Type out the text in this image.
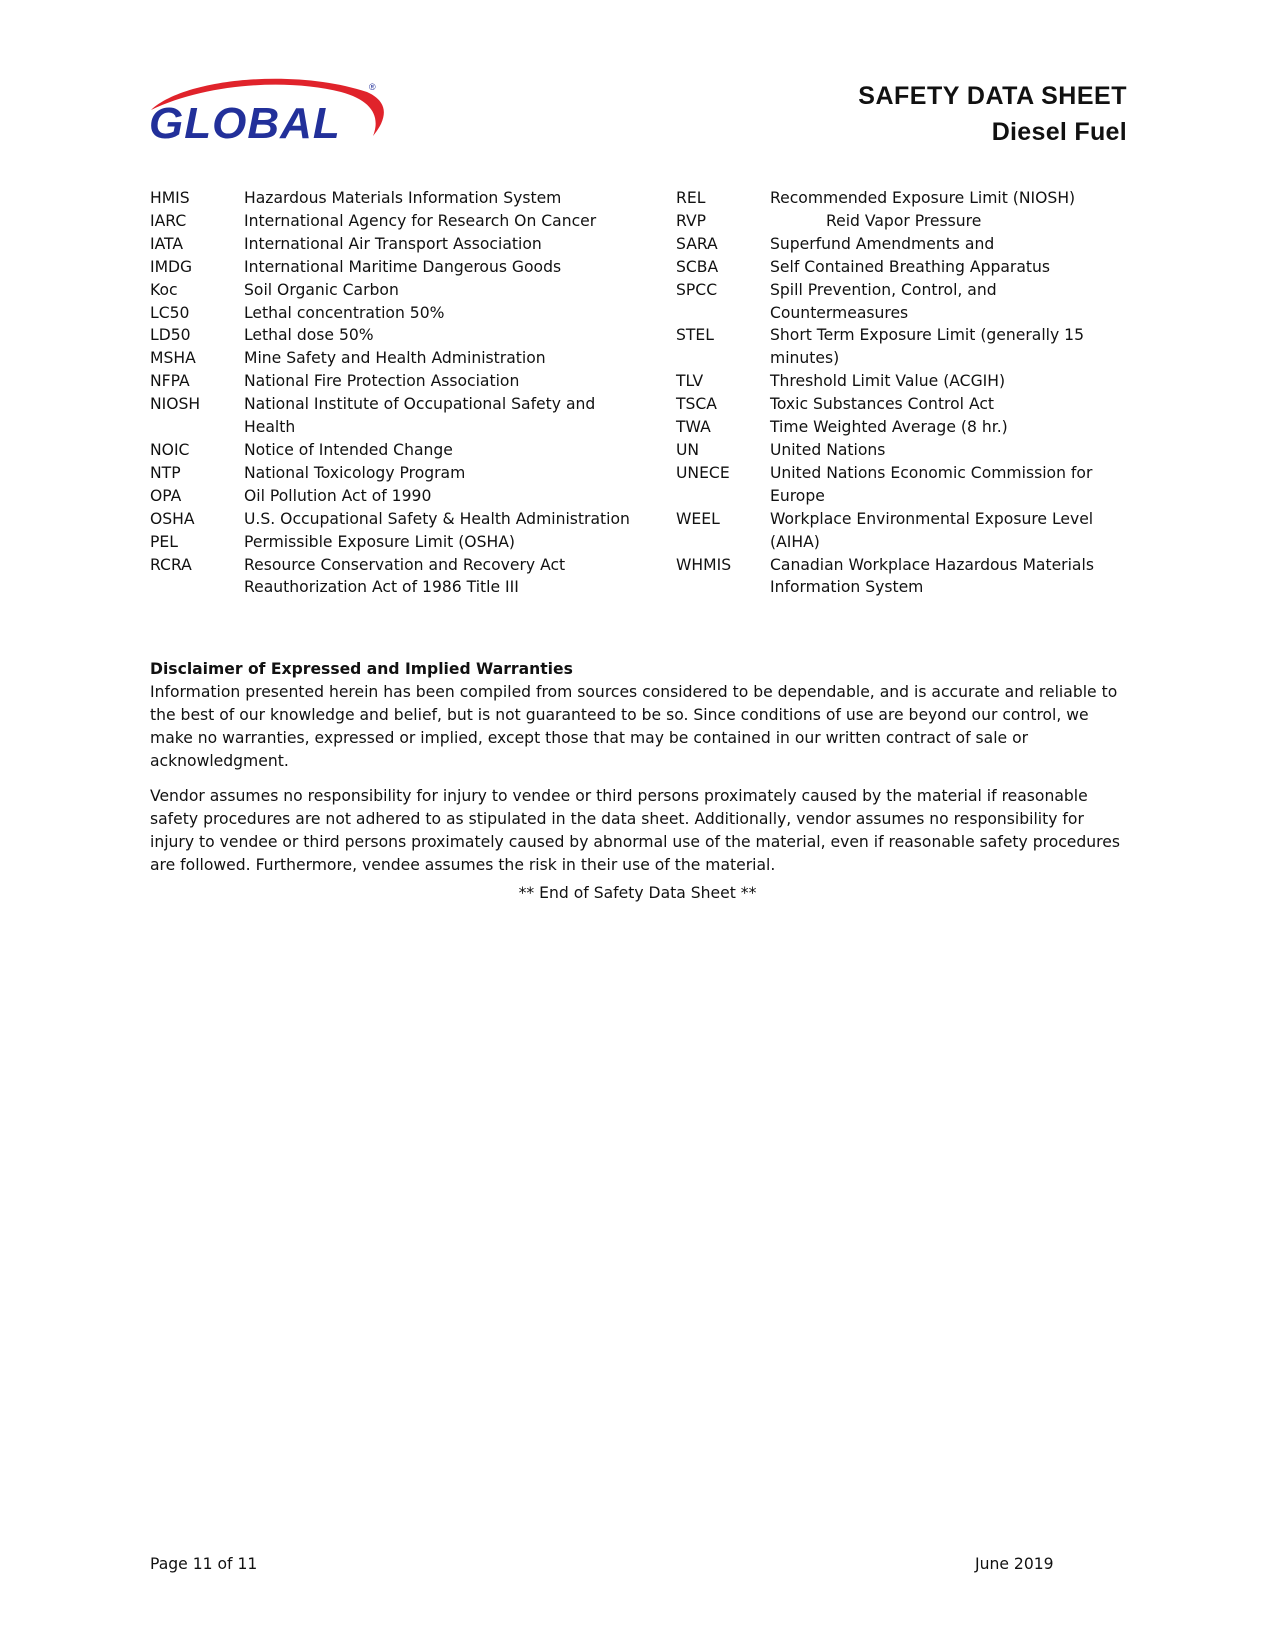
GLOBAL
®	SAFETY DATA SHEET
Diesel Fuel
HMIS	Hazardous Materials Information System
IARC	International Agency for Research On Cancer
IATA	International Air Transport Association
IMDG	International Maritime Dangerous Goods
Koc	Soil Organic Carbon
LC50	Lethal concentration 50%
LD50	Lethal dose 50%
MSHA	Mine Safety and Health Administration
NFPA	National Fire Protection Association
NIOSH	National Institute of Occupational Safety and Health
NOIC	Notice of Intended Change
NTP	National Toxicology Program
OPA	Oil Pollution Act of 1990
OSHA	U.S. Occupational Safety & Health Administration
PEL	Permissible Exposure Limit (OSHA)
RCRA	Resource Conservation and Recovery Act Reauthorization Act of 1986 Title III
REL	Recommended Exposure Limit (NIOSH)
RVP	Reid Vapor Pressure
SARA	Superfund Amendments and
SCBA	Self Contained Breathing Apparatus
SPCC	Spill Prevention, Control, and Countermeasures
STEL	Short Term Exposure Limit (generally 15 minutes)
TLV	Threshold Limit Value (ACGIH)
TSCA	Toxic Substances Control Act
TWA	Time Weighted Average (8 hr.)
UN	United Nations
UNECE	United Nations Economic Commission for Europe
WEEL	Workplace Environmental Exposure Level (AIHA)
WHMIS	Canadian Workplace Hazardous Materials Information System
Disclaimer of Expressed and Implied Warranties

Information presented herein has been compiled from sources considered to be dependable, and is accurate and reliable to the best of our knowledge and belief, but is not guaranteed to be so. Since conditions of use are beyond our control, we make no warranties, expressed or implied, except those that may be contained in our written contract of sale or acknowledgment.

Vendor assumes no responsibility for injury to vendee or third persons proximately caused by the material if reasonable safety procedures are not adhered to as stipulated in the data sheet. Additionally, vendor assumes no responsibility for injury to vendee or third persons proximately caused by abnormal use of the material, even if reasonable safety procedures are followed. Furthermore, vendee assumes the risk in their use of the material.

** End of Safety Data Sheet **
Page 11 of 11	June 2019
